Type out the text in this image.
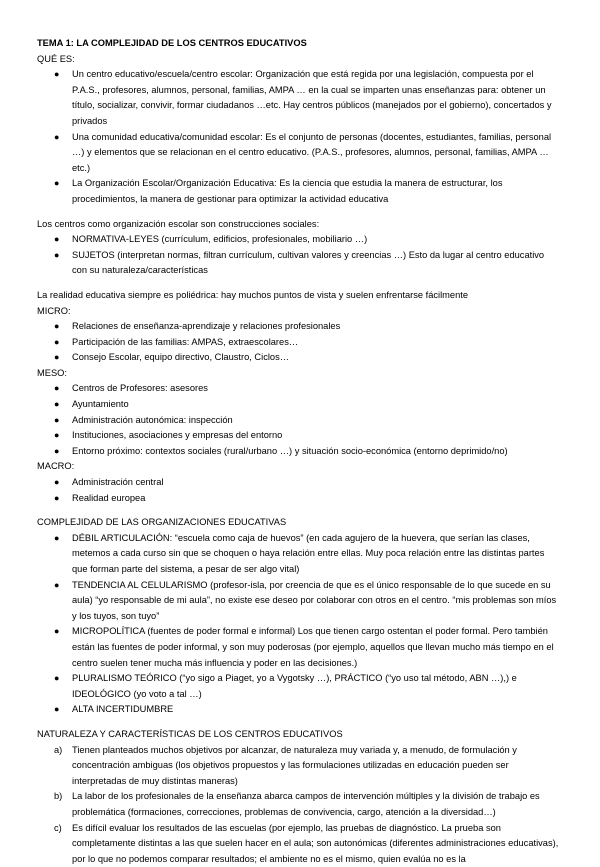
TEMA 1: LA COMPLEJIDAD DE LOS CENTROS EDUCATIVOS

QUÉ ES:

● Un centro educativo/escuela/centro escolar: Organización que está regida por una legislación, compuesta por el P.A.S., profesores, alumnos, personal, familias, AMPA … en la cual se imparten unas enseñanzas para: obtener un título, socializar, convivir, formar ciudadanos …etc. Hay centros públicos (manejados por el gobierno), concertados y privados
● Una comunidad educativa/comunidad escolar: Es el conjunto de personas (docentes, estudiantes, familias, personal …) y elementos que se relacionan en el centro educativo. (P.A.S., profesores, alumnos, personal, familias, AMPA …etc.)
● La Organización Escolar/Organización Educativa: Es la ciencia que estudia la manera de estructurar, los procedimientos, la manera de gestionar para optimizar la actividad educativa

Los centros como organización escolar son construcciones sociales:

● NORMATIVA-LEYES (currículum, edificios, profesionales, mobiliario …)
● SUJETOS (interpretan normas, filtran currículum, cultivan valores y creencias …) Esto da lugar al centro educativo con su naturaleza/características

La realidad educativa siempre es poliédrica: hay muchos puntos de vista y suelen enfrentarse fácilmente

MICRO:

● Relaciones de enseñanza-aprendizaje y relaciones profesionales
● Participación de las familias: AMPAS, extraescolares…
● Consejo Escolar, equipo directivo, Claustro, Ciclos…

MESO:

● Centros de Profesores: asesores
● Ayuntamiento
● Administración autonómica: inspección
● Instituciones, asociaciones y empresas del entorno
● Entorno próximo: contextos sociales (rural/urbano …) y situación socio-económica (entorno deprimido/no)

MACRO:

● Administración central
● Realidad europea

COMPLEJIDAD DE LAS ORGANIZACIONES EDUCATIVAS

● DÉBIL ARTICULACIÓN: “escuela como caja de huevos” (en cada agujero de la huevera, que serían las clases, metemos a cada curso sin que se choquen o haya relación entre ellas. Muy poca relación entre las distintas partes que forman parte del sistema, a pesar de ser algo vital)
● TENDENCIA AL CELULARISMO (profesor-isla, por creencia de que es el único responsable de lo que sucede en su aula) “yo responsable de mi aula”, no existe ese deseo por colaborar con otros en el centro. “mis problemas son míos y los tuyos, son tuyo”
● MICROPOLÍTICA (fuentes de poder formal e informal) Los que tienen cargo ostentan el poder formal. Pero también están las fuentes de poder informal, y son muy poderosas (por ejemplo, aquellos que llevan mucho más tiempo en el centro suelen tener mucha más influencia y poder en las decisiones.)
● PLURALISMO TEÓRICO (“yo sigo a Piaget, yo a Vygotsky …), PRÁCTICO (“yo uso tal método, ABN …),) e IDEOLÓGICO (yo voto a tal …)
● ALTA INCERTIDUMBRE

NATURALEZA Y CARACTERÍSTICAS DE LOS CENTROS EDUCATIVOS

a) Tienen planteados muchos objetivos por alcanzar, de naturaleza muy variada y, a menudo, de formulación y concentración ambiguas (los objetivos propuestos y las formulaciones utilizadas en educación pueden ser interpretadas de muy distintas maneras)
b) La labor de los profesionales de la enseñanza abarca campos de intervención múltiples y la división de trabajo es problemática (formaciones, correcciones, problemas de convivencia, cargo, atención a la diversidad…)
c) Es difícil evaluar los resultados de las escuelas (por ejemplo, las pruebas de diagnóstico. La prueba son completamente distintas a las que suelen hacer en el aula; son autonómicas (diferentes administraciones educativas), por lo que no podemos comparar resultados; el ambiente no es el mismo, quien evalúa no es la
